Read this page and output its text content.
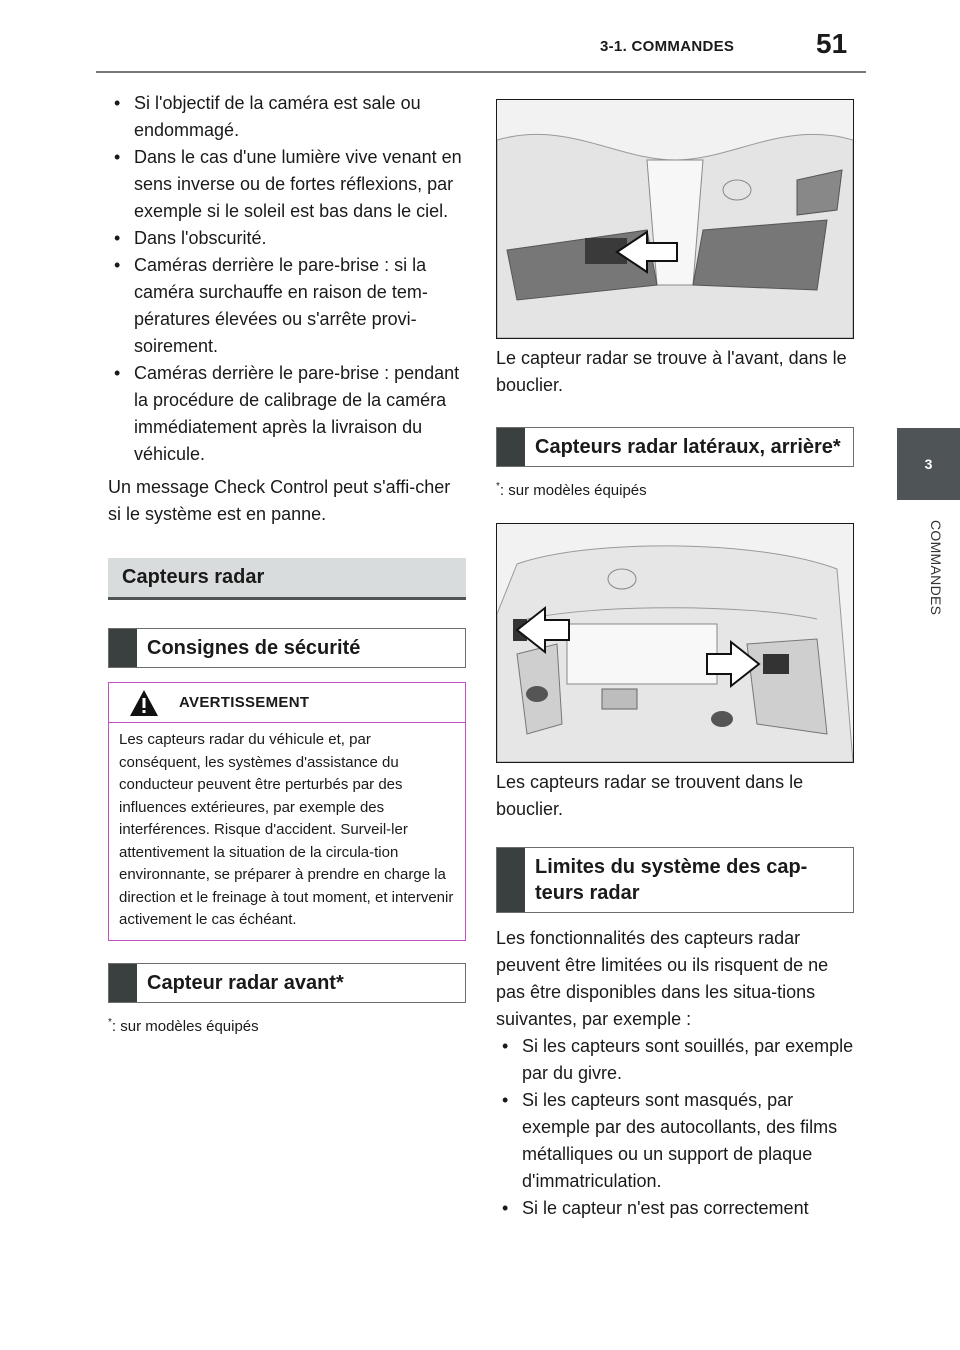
3-1. COMMANDES	51
3
COMMANDES
• Si l'objectif de la caméra est sale ou endommagé.
• Dans le cas d'une lumière vive venant en sens inverse ou de fortes réflexions, par exemple si le soleil est bas dans le ciel.
• Dans l'obscurité.
• Caméras derrière le pare-brise : si la caméra surchauffe en raison de tem-pératures élevées ou s'arrête provi-soirement.
• Caméras derrière le pare-brise : pendant la procédure de calibrage de la caméra immédiatement après la livraison du véhicule.

Un message Check Control peut s'affi-cher si le système est en panne.

Capteurs radar
Consignes de sécurité
AVERTISSEMENT
Les capteurs radar du véhicule et, par conséquent, les systèmes d'assistance du conducteur peuvent être perturbés par des influences extérieures, par exemple des interférences. Risque d'accident. Surveil-ler attentivement la situation de la circula-tion environnante, se préparer à prendre en charge la direction et le freinage à tout moment, et intervenir activement le cas échéant.
Capteur radar avant*
*: sur modèles équipés

Le capteur radar se trouve à l'avant, dans le bouclier.

Capteurs radar latéraux, arrière*
*: sur modèles équipés

Les capteurs radar se trouvent dans le bouclier.

Limites du système des cap-teurs radar

Les fonctionnalités des capteurs radar peuvent être limitées ou ils risquent de ne pas être disponibles dans les situa-tions suivantes, par exemple :

• Si les capteurs sont souillés, par exemple par du givre.
• Si les capteurs sont masqués, par exemple par des autocollants, des films métalliques ou un support de plaque d'immatriculation.
• Si le capteur n'est pas correctement
